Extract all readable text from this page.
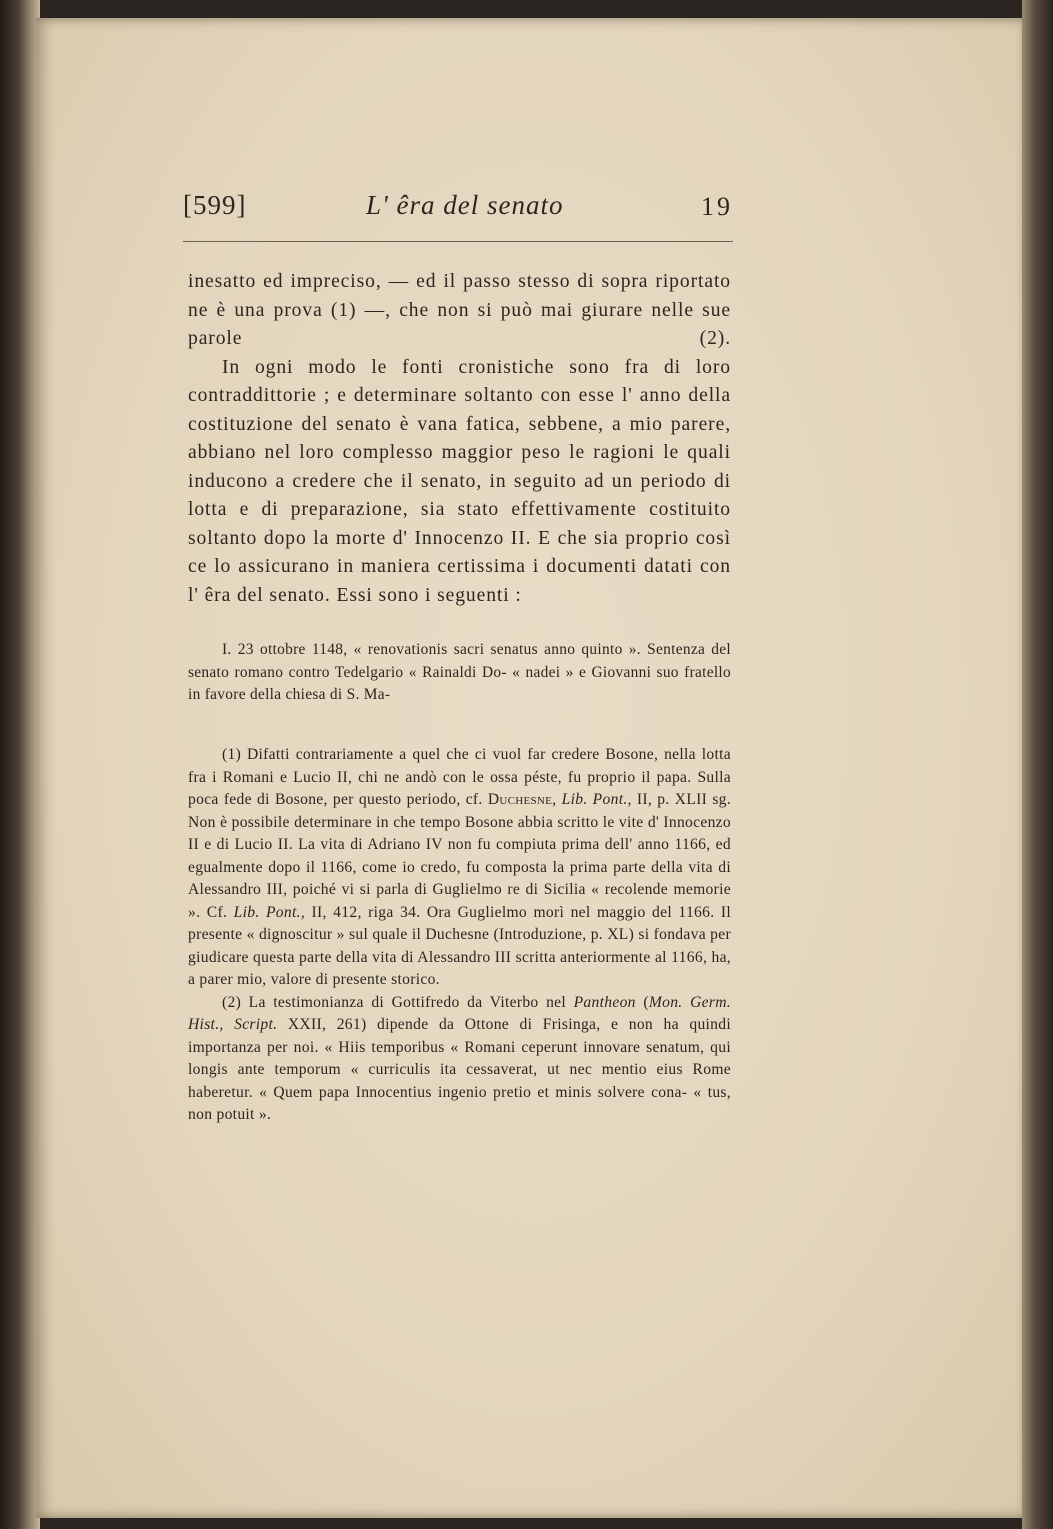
[599]	L' êra del senato	19

inesatto ed impreciso, — ed il passo stesso di sopra riportato ne è una prova (1) —, che non si può mai giurare nelle sue parole (2).

In ogni modo le fonti cronistiche sono fra di loro contraddittorie ; e determinare soltanto con esse l' anno della costituzione del senato è vana fatica, sebbene, a mio parere, abbiano nel loro complesso maggior peso le ragioni le quali inducono a credere che il senato, in seguito ad un periodo di lotta e di preparazione, sia stato effettivamente costituito soltanto dopo la morte d' Innocenzo II. E che sia proprio così ce lo assicurano in maniera certissima i documenti datati con l' êra del senato. Essi sono i seguenti :

I. 23 ottobre 1148, « renovationis sacri senatus anno quinto ». Sentenza del senato romano contro Tedelgario « Rainaldi Do- « nadei » e Giovanni suo fratello in favore della chiesa di S. Ma-

(1) Difatti contrariamente a quel che ci vuol far credere Bosone, nella lotta fra i Romani e Lucio II, chi ne andò con le ossa péste, fu proprio il papa. Sulla poca fede di Bosone, per questo periodo, cf. Duchesne, Lib. Pont., II, p. XLII sg. Non è possibile determinare in che tempo Bosone abbia scritto le vite d' Innocenzo II e di Lucio II. La vita di Adriano IV non fu compiuta prima dell' anno 1166, ed egualmente dopo il 1166, come io credo, fu composta la prima parte della vita di Alessandro III, poiché vi si parla di Guglielmo re di Sicilia « recolende memorie ». Cf. Lib. Pont., II, 412, riga 34. Ora Guglielmo morì nel maggio del 1166. Il presente « dignoscitur » sul quale il Duchesne (Introduzione, p. XL) si fondava per giudicare questa parte della vita di Alessandro III scritta anteriormente al 1166, ha, a parer mio, valore di presente storico.

(2) La testimonianza di Gottifredo da Viterbo nel Pantheon (Mon. Germ. Hist., Script. XXII, 261) dipende da Ottone di Frisinga, e non ha quindi importanza per noi. « Hiis temporibus « Romani ceperunt innovare senatum, qui longis ante temporum « curriculis ita cessaverat, ut nec mentio eius Rome haberetur. « Quem papa Innocentius ingenio pretio et minis solvere cona- « tus, non potuit ».
